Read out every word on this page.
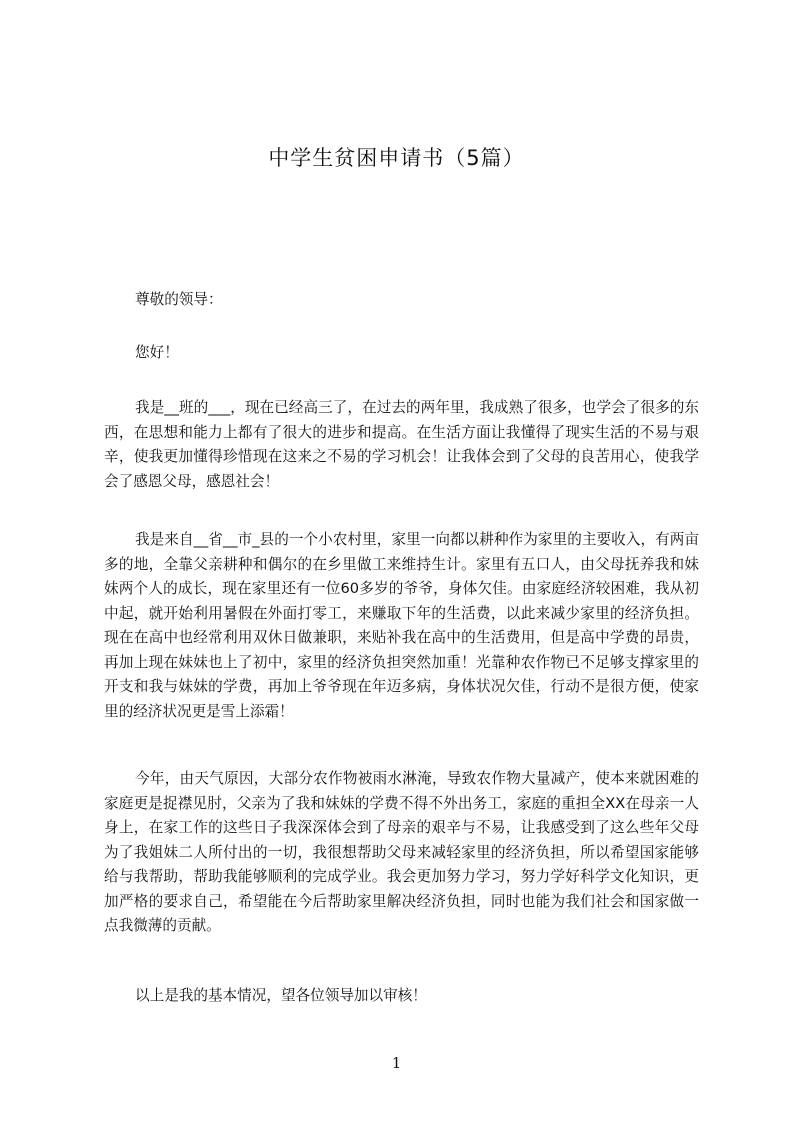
中学生贫困申请书（5篇）

尊敬的领导：

您好！

我是__班的___，现在已经高三了，在过去的两年里，我成熟了很多，也学会了很多的东西，在思想和能力上都有了很大的进步和提高。在生活方面让我懂得了现实生活的不易与艰辛，使我更加懂得珍惜现在这来之不易的学习机会！让我体会到了父母的良苦用心，使我学会了感恩父母，感恩社会！

我是来自__省__市_县的一个小农村里，家里一向都以耕种作为家里的主要收入，有两亩多的地，全靠父亲耕种和偶尔的在乡里做工来维持生计。家里有五口人，由父母抚养我和妹妹两个人的成长，现在家里还有一位60多岁的爷爷，身体欠佳。由家庭经济较困难，我从初中起，就开始利用暑假在外面打零工，来赚取下年的生活费，以此来减少家里的经济负担。现在在高中也经常利用双休日做兼职，来贴补我在高中的生活费用，但是高中学费的昂贵，再加上现在妹妹也上了初中，家里的经济负担突然加重！光靠种农作物已不足够支撑家里的开支和我与妹妹的学费，再加上爷爷现在年迈多病，身体状况欠佳，行动不是很方便，使家里的经济状况更是雪上添霜！

今年，由天气原因，大部分农作物被雨水淋淹，导致农作物大量减产，使本来就困难的家庭更是捉襟见肘，父亲为了我和妹妹的学费不得不外出务工，家庭的重担全XX在母亲一人身上，在家工作的这些日子我深深体会到了母亲的艰辛与不易，让我感受到了这么些年父母为了我姐妹二人所付出的一切，我很想帮助父母来减轻家里的经济负担，所以希望国家能够给与我帮助，帮助我能够顺利的完成学业。我会更加努力学习，努力学好科学文化知识，更加严格的要求自己，希望能在今后帮助家里解决经济负担，同时也能为我们社会和国家做一点我微薄的贡献。

以上是我的基本情况，望各位领导加以审核！

1
